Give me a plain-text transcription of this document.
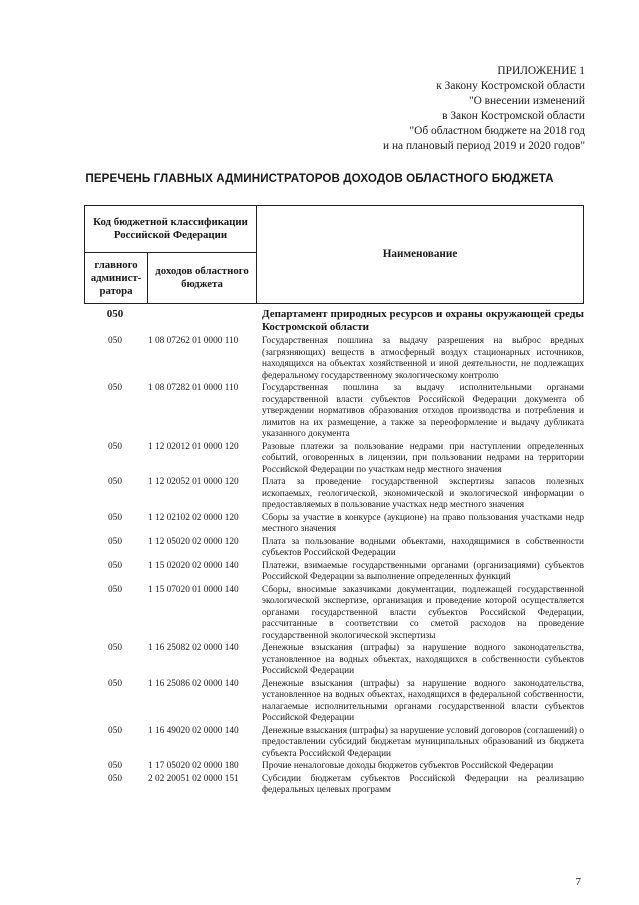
ПРИЛОЖЕНИЕ 1
к Закону Костромской области
"О внесении изменений
в Закон Костромской области
"Об областном бюджете на 2018 год
и на плановый период 2019 и 2020 годов"
ПЕРЕЧЕНЬ ГЛАВНЫХ АДМИНИСТРАТОРОВ ДОХОДОВ ОБЛАСТНОГО БЮДЖЕТА
Код бюджетной классификации Российской Федерации		Наименование
главного админист-ратора	доходов областного бюджета	
050		Департамент природных ресурсов и охраны окружающей среды Костромской области
050	1 08 07262 01 0000 110	Государственная пошлина за выдачу разрешения на выброс вредных (загрязняющих) веществ в атмосферный воздух стационарных источников, находящихся на объектах хозяйственной и иной деятельности, не подлежащих федеральному государственному экологическому контролю
050	1 08 07282 01 0000 110	Государственная пошлина за выдачу исполнительными органами государственной власти субъектов Российской Федерации документа об утверждении нормативов образования отходов производства и потребления и лимитов на их размещение, а также за переоформление и выдачу дубликата указанного документа
050	1 12 02012 01 0000 120	Разовые платежи за пользование недрами при наступлении определенных событий, оговоренных в лицензии, при пользовании недрами на территории Российской Федерации по участкам недр местного значения
050	1 12 02052 01 0000 120	Плата за проведение государственной экспертизы запасов полезных ископаемых, геологической, экономической и экологической информации о предоставляемых в пользование участках недр местного значения
050	1 12 02102 02 0000 120	Сборы за участие в конкурсе (аукционе) на право пользования участками недр местного значения
050	1 12 05020 02 0000 120	Плата за пользование водными объектами, находящимися в собственности субъектов Российской Федерации
050	1 15 02020 02 0000 140	Платежи, взимаемые государственными органами (организациями) субъектов Российской Федерации за выполнение определенных функций
050	1 15 07020 01 0000 140	Сборы, вносимые заказчиками документации, подлежащей государственной экологической экспертизе, организация и проведение которой осуществляется органами государственной власти субъектов Российской Федерации, рассчитанные в соответствии со сметой расходов на проведение государственной экологической экспертизы
050	1 16 25082 02 0000 140	Денежные взыскания (штрафы) за нарушение водного законодательства, установленное на водных объектах, находящихся в собственности субъектов Российской Федерации
050	1 16 25086 02 0000 140	Денежные взыскания (штрафы) за нарушение водного законодательства, установленное на водных объектах, находящихся в федеральной собственности, налагаемые исполнительными органами государственной власти субъектов Российской Федерации
050	1 16 49020 02 0000 140	Денежные взыскания (штрафы) за нарушение условий договоров (соглашений) о предоставлении субсидий бюджетам муниципальных образований из бюджета субъекта Российской Федерации
050	1 17 05020 02 0000 180	Прочие неналоговые доходы бюджетов субъектов Российской Федерации
050	2 02 20051 02 0000 151	Субсидии бюджетам субъектов Российской Федерации на реализацию федеральных целевых программ
7
